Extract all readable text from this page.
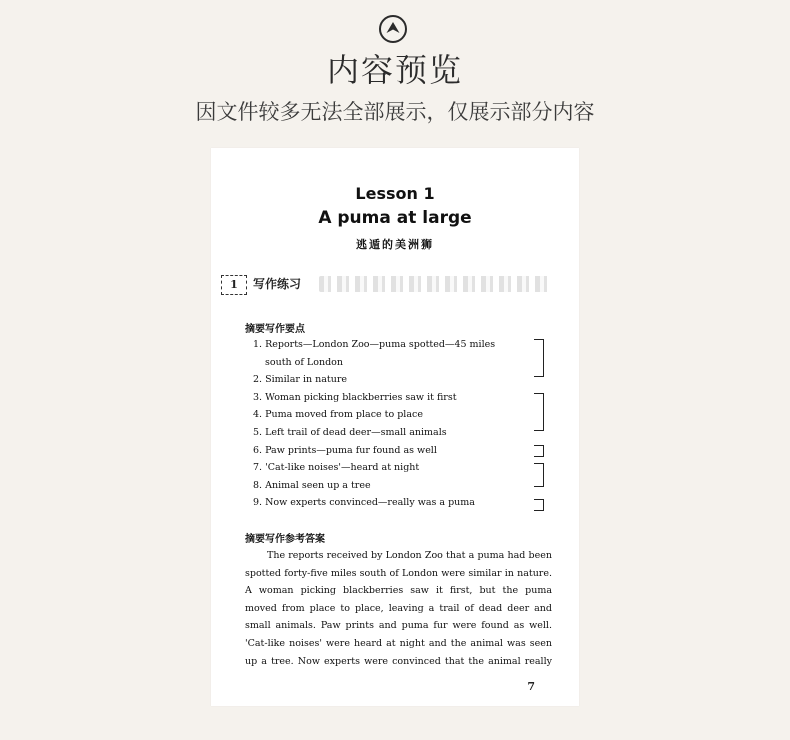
内容预览
因文件较多无法全部展示，仅展示部分内容
Lesson 1
A puma at large
逃遁的美洲狮
1	写作练习
摘要写作要点
1. Reports—London Zoo—puma spotted—45 miles
south of London
2. Similar in nature
3. Woman picking blackberries saw it first
4. Puma moved from place to place
5. Left trail of dead deer—small animals
6. Paw prints—puma fur found as well
7. 'Cat-like noises'—heard at night
8. Animal seen up a tree
9. Now experts convinced—really was a puma
摘要写作参考答案
The reports received by London Zoo that a puma had been
spotted forty-five miles south of London were similar in nature.
A woman picking blackberries saw it first, but the puma
moved from place to place, leaving a trail of dead deer and
small animals. Paw prints and puma fur were found as well.
'Cat-like noises' were heard at night and the animal was seen
up a tree. Now experts were convinced that the animal really
7
